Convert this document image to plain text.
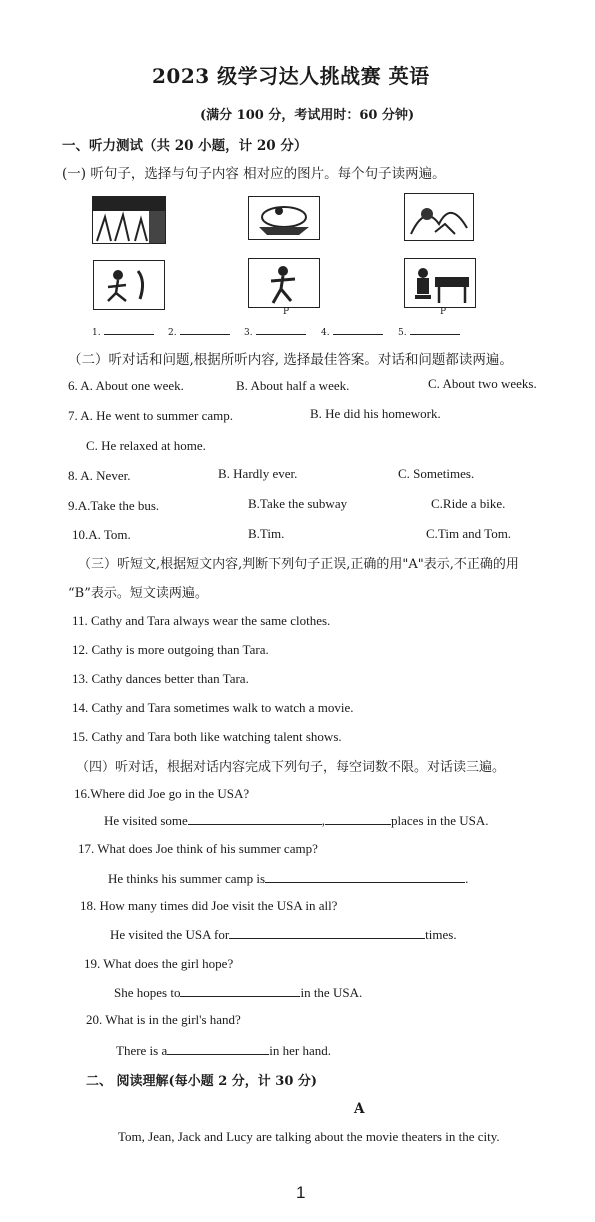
2023 级学习达人挑战赛 英语
(满分 100 分，考试用时：60 分钟)
一、听力测试（共 20 小题，计 20 分）
(一) 听句子，选择与句子内容 相对应的图片。每个句子读两遍。
P	P
1.	2.	3.	4.	5.
（二）听对话和问题,根据所听内容, 选择最佳答案。对话和问题都读两遍。
6. A. About one week.	B. About half a week.	C. About two weeks.
7. A. He went to summer camp.	B. He did his homework.
C. He relaxed at home.
8. A. Never.	B. Hardly ever.	C. Sometimes.
9.A.Take the bus.	B.Take the subway	C.Ride a bike.
10.A. Tom.	B.Tim.	C.Tim and Tom.
（三）听短文,根据短文内容,判断下列句子正误,正确的用"A"表示,不正确的用
“B”表示。短文读两遍。
11. Cathy and Tara always wear the same clothes.
12. Cathy is more outgoing than Tara.
13. Cathy dances better than Tara.
14. Cathy and Tara sometimes walk to watch a movie.
15. Cathy and Tara both like watching talent shows.
（四）听对话，根据对话内容完成下列句子，每空词数不限。对话读三遍。
16.Where did Joe go in the USA?
He visited some	,	places in the USA.
17. What does Joe think of his summer camp?
He thinks his summer camp is	.
18. How many times did Joe visit the USA in all?
He visited the USA for	times.
19. What does the girl hope?
She hopes to	in the USA.
20. What is in the girl's hand?
There is a	in her hand.
二、 阅读理解(每小题 2 分，计 30 分)
A
Tom, Jean, Jack and Lucy are talking about the movie theaters in the city.
1
